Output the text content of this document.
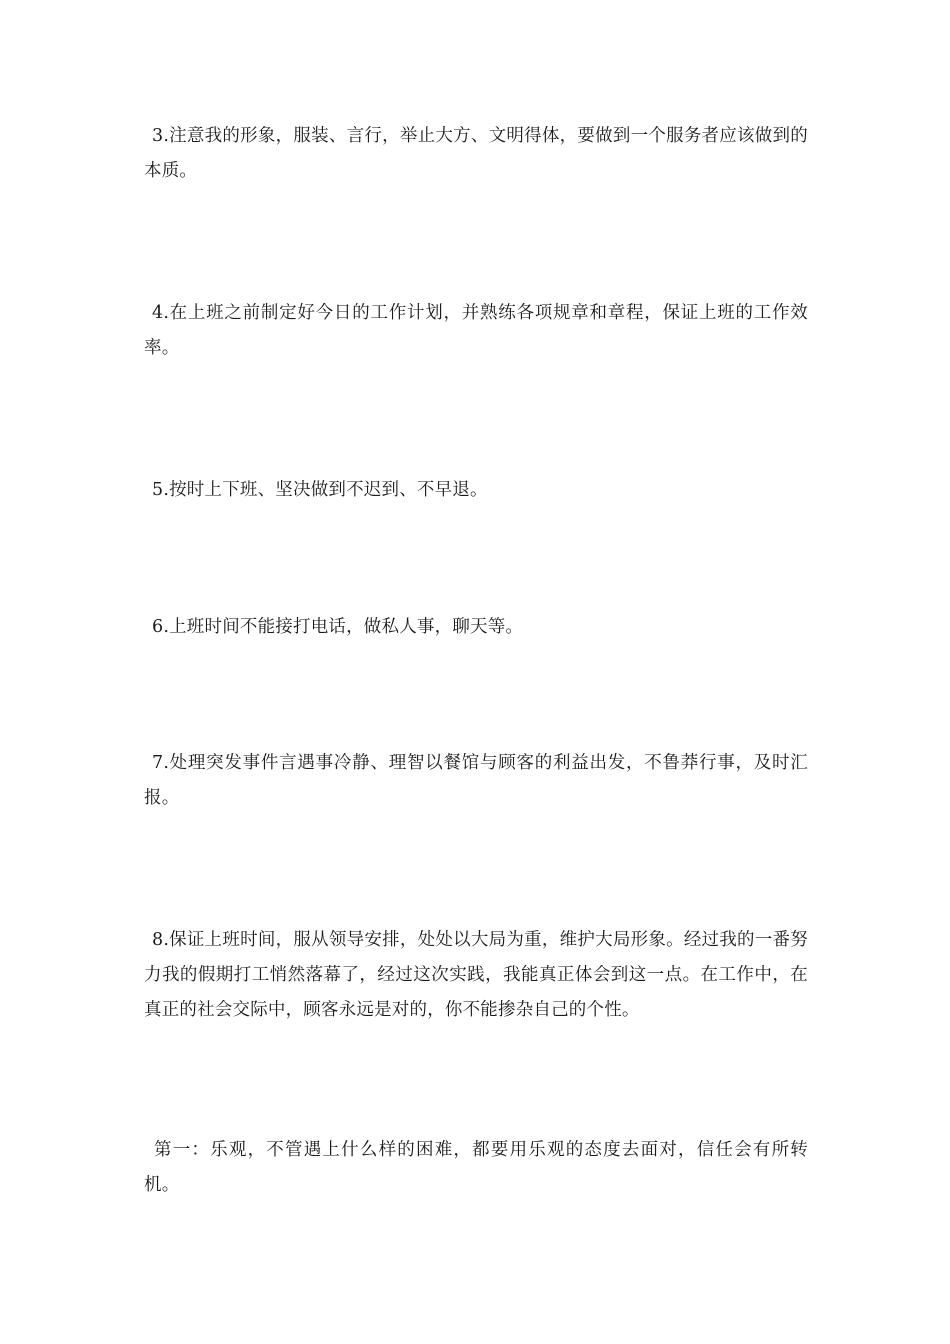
3.注意我的形象，服装、言行，举止大方、文明得体，要做到一个服务者应该做到的本质。

4.在上班之前制定好今日的工作计划，并熟练各项规章和章程，保证上班的工作效率。

5.按时上下班、坚决做到不迟到、不早退。

6.上班时间不能接打电话，做私人事，聊天等。

7.处理突发事件言遇事冷静、理智以餐馆与顾客的利益出发，不鲁莽行事，及时汇报。

8.保证上班时间，服从领导安排，处处以大局为重，维护大局形象。经过我的一番努力我的假期打工悄然落幕了，经过这次实践，我能真正体会到这一点。在工作中，在真正的社会交际中，顾客永远是对的，你不能掺杂自己的个性。

第一：乐观，不管遇上什么样的困难，都要用乐观的态度去面对，信任会有所转机。
